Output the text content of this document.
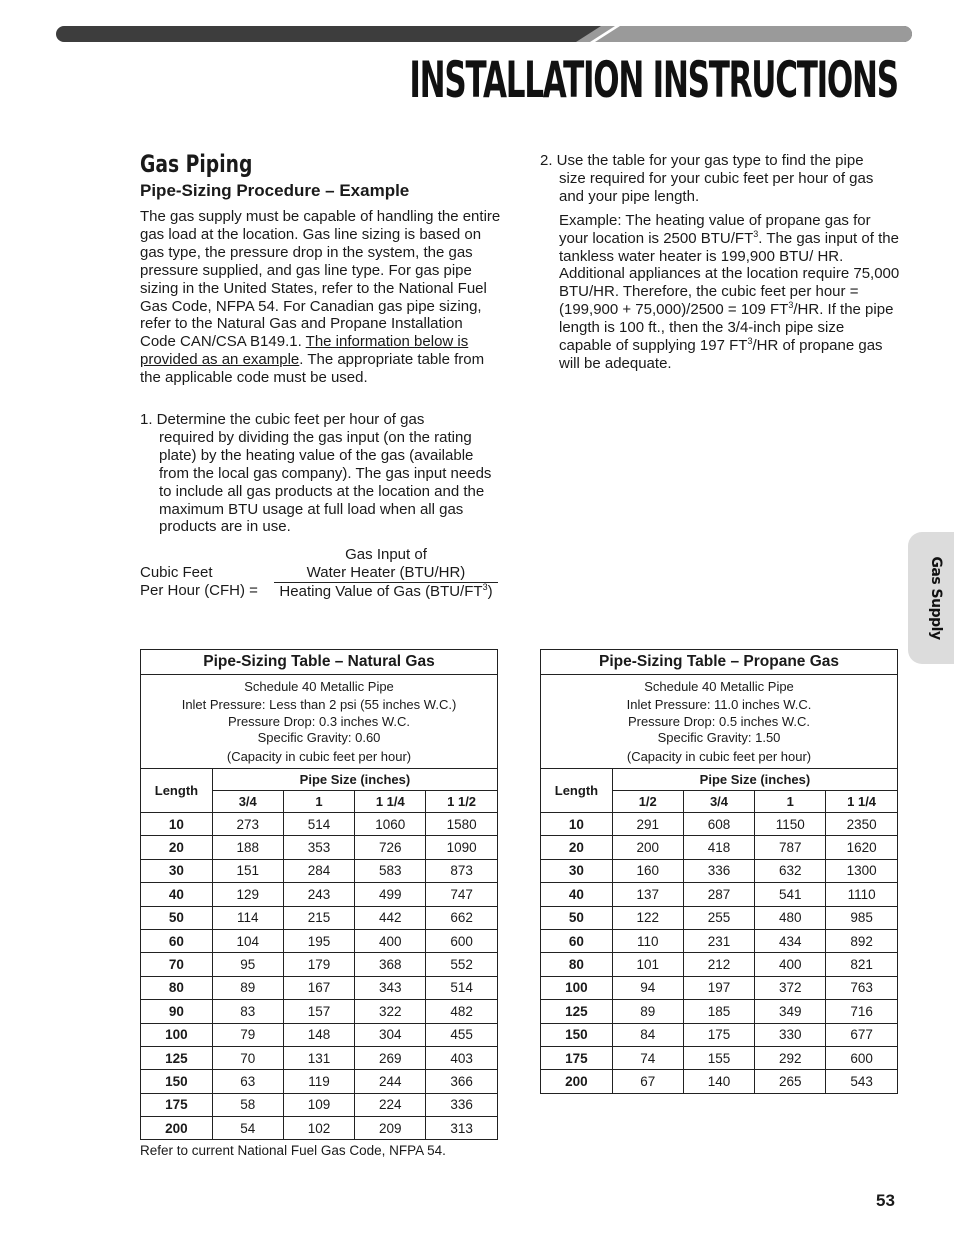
INSTALLATION INSTRUCTIONS
Gas Piping
Pipe-Sizing Procedure – Example
The gas supply must be capable of handling the entire gas load at the location. Gas line sizing is based on gas type, the pressure drop in the system, the gas pressure supplied, and gas line type. For gas pipe sizing in the United States, refer to the National Fuel Gas Code, NFPA 54. For Canadian gas pipe sizing, refer to the Natural Gas and Propane Installation Code CAN/CSA B149.1. The information below is provided as an example. The appropriate table from the applicable code must be used.
1. Determine the cubic feet per hour of gas
required by dividing the gas input (on the rating plate) by the heating value of the gas (available from the local gas company). The gas input needs to include all gas products at the location and the maximum BTU usage at full load when all gas products are in use.
Cubic Feet
Per Hour (CFH) =
Gas Input of
Water Heater (BTU/HR)
Heating Value of Gas $(BTU/FT^3)$
2. Use the table for your gas type to find the pipe
size required for your cubic feet per hour of gas and your pipe length.
Example: The heating value of propane gas for your location is 2500 BTU/$FT^3$. The gas input of the tankless water heater is 199,900 BTU/ HR. Additional appliances at the location require 75,000 BTU/HR. Therefore, the cubic feet per hour = (199,900 + 75,000)/2500 = 109 $FT^3/HR$. If the pipe length is 100 ft., then the 3/4-inch pipe size capable of supplying 197 $FT^3/HR$ of propane gas will be adequate.
Gas Supply
Pipe-Sizing Table – Natural Gas				

Schedule 40 Metallic Pipe
Inlet Pressure: Less than 2 psi (55 inches W.C.)
Pressure Drop: 0.3 inches W.C.
Specific Gravity: 0.60
(Capacity in cubic feet per hour)				

Length	Pipe Size (inches)			
	3/4	1	1 1/4	1 1/2
10	273	514	1060	1580
20	188	353	726	1090
30	151	284	583	873
40	129	243	499	747
50	114	215	442	662
60	104	195	400	600
70	95	179	368	552
80	89	167	343	514
90	83	157	322	482
100	79	148	304	455
125	70	131	269	403
150	63	119	244	366
175	58	109	224	336
200	54	102	209	313
Refer to current National Fuel Gas Code, NFPA 54.
Pipe-Sizing Table – Propane Gas				

Schedule 40 Metallic Pipe
Inlet Pressure: 11.0 inches W.C.
Pressure Drop: 0.5 inches W.C.
Specific Gravity: 1.50
(Capacity in cubic feet per hour)				

Length	Pipe Size (inches)			
	1/2	3/4	1	1 1/4
10	291	608	1150	2350
20	200	418	787	1620
30	160	336	632	1300
40	137	287	541	1110
50	122	255	480	985
60	110	231	434	892
80	101	212	400	821
100	94	197	372	763
125	89	185	349	716
150	84	175	330	677
175	74	155	292	600
200	67	140	265	543
53
